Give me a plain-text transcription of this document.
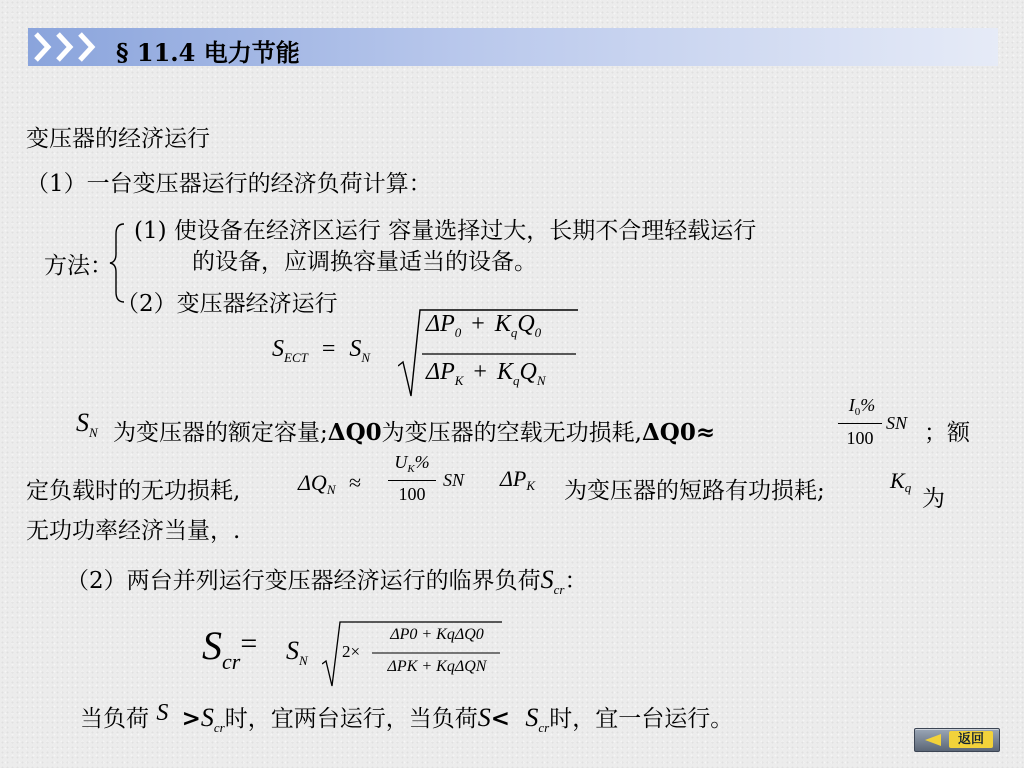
§ 11.4 电力节能
变压器的经济运行
（1）一台变压器运行的经济负荷计算：
方法：
(1) 使设备在经济区运行 容量选择过大，长期不合理轻载运行
的设备，应调换容量适当的设备。
（2）变压器经济运行
$S_{ECT} = S_N$
$\Delta P_0 + K_qQ_0$
$\Delta P_K + K_qQ_N$
$S_N$ 为变压器的额定容量;ΔQ0为变压器的空载无功损耗,ΔQ0≈
$I_0\%$
100
SN ；额
定负载时的无功损耗,	ΔQN ≈
$U_K\%$
100
SN ΔPK 为变压器的短路有功损耗;	Kq 为
无功功率经济当量，.
（2）两台并列运行变压器经济运行的临界负荷$S_{cr}$：
$S_{cr}= S_N$ 2×
ΔP0 + KqΔQ0
ΔPK + KqΔQN
当负荷 $S >S_{cr}$时，宜两台运行，当负荷$S< S_{cr}$时，宜一台运行。
返回
